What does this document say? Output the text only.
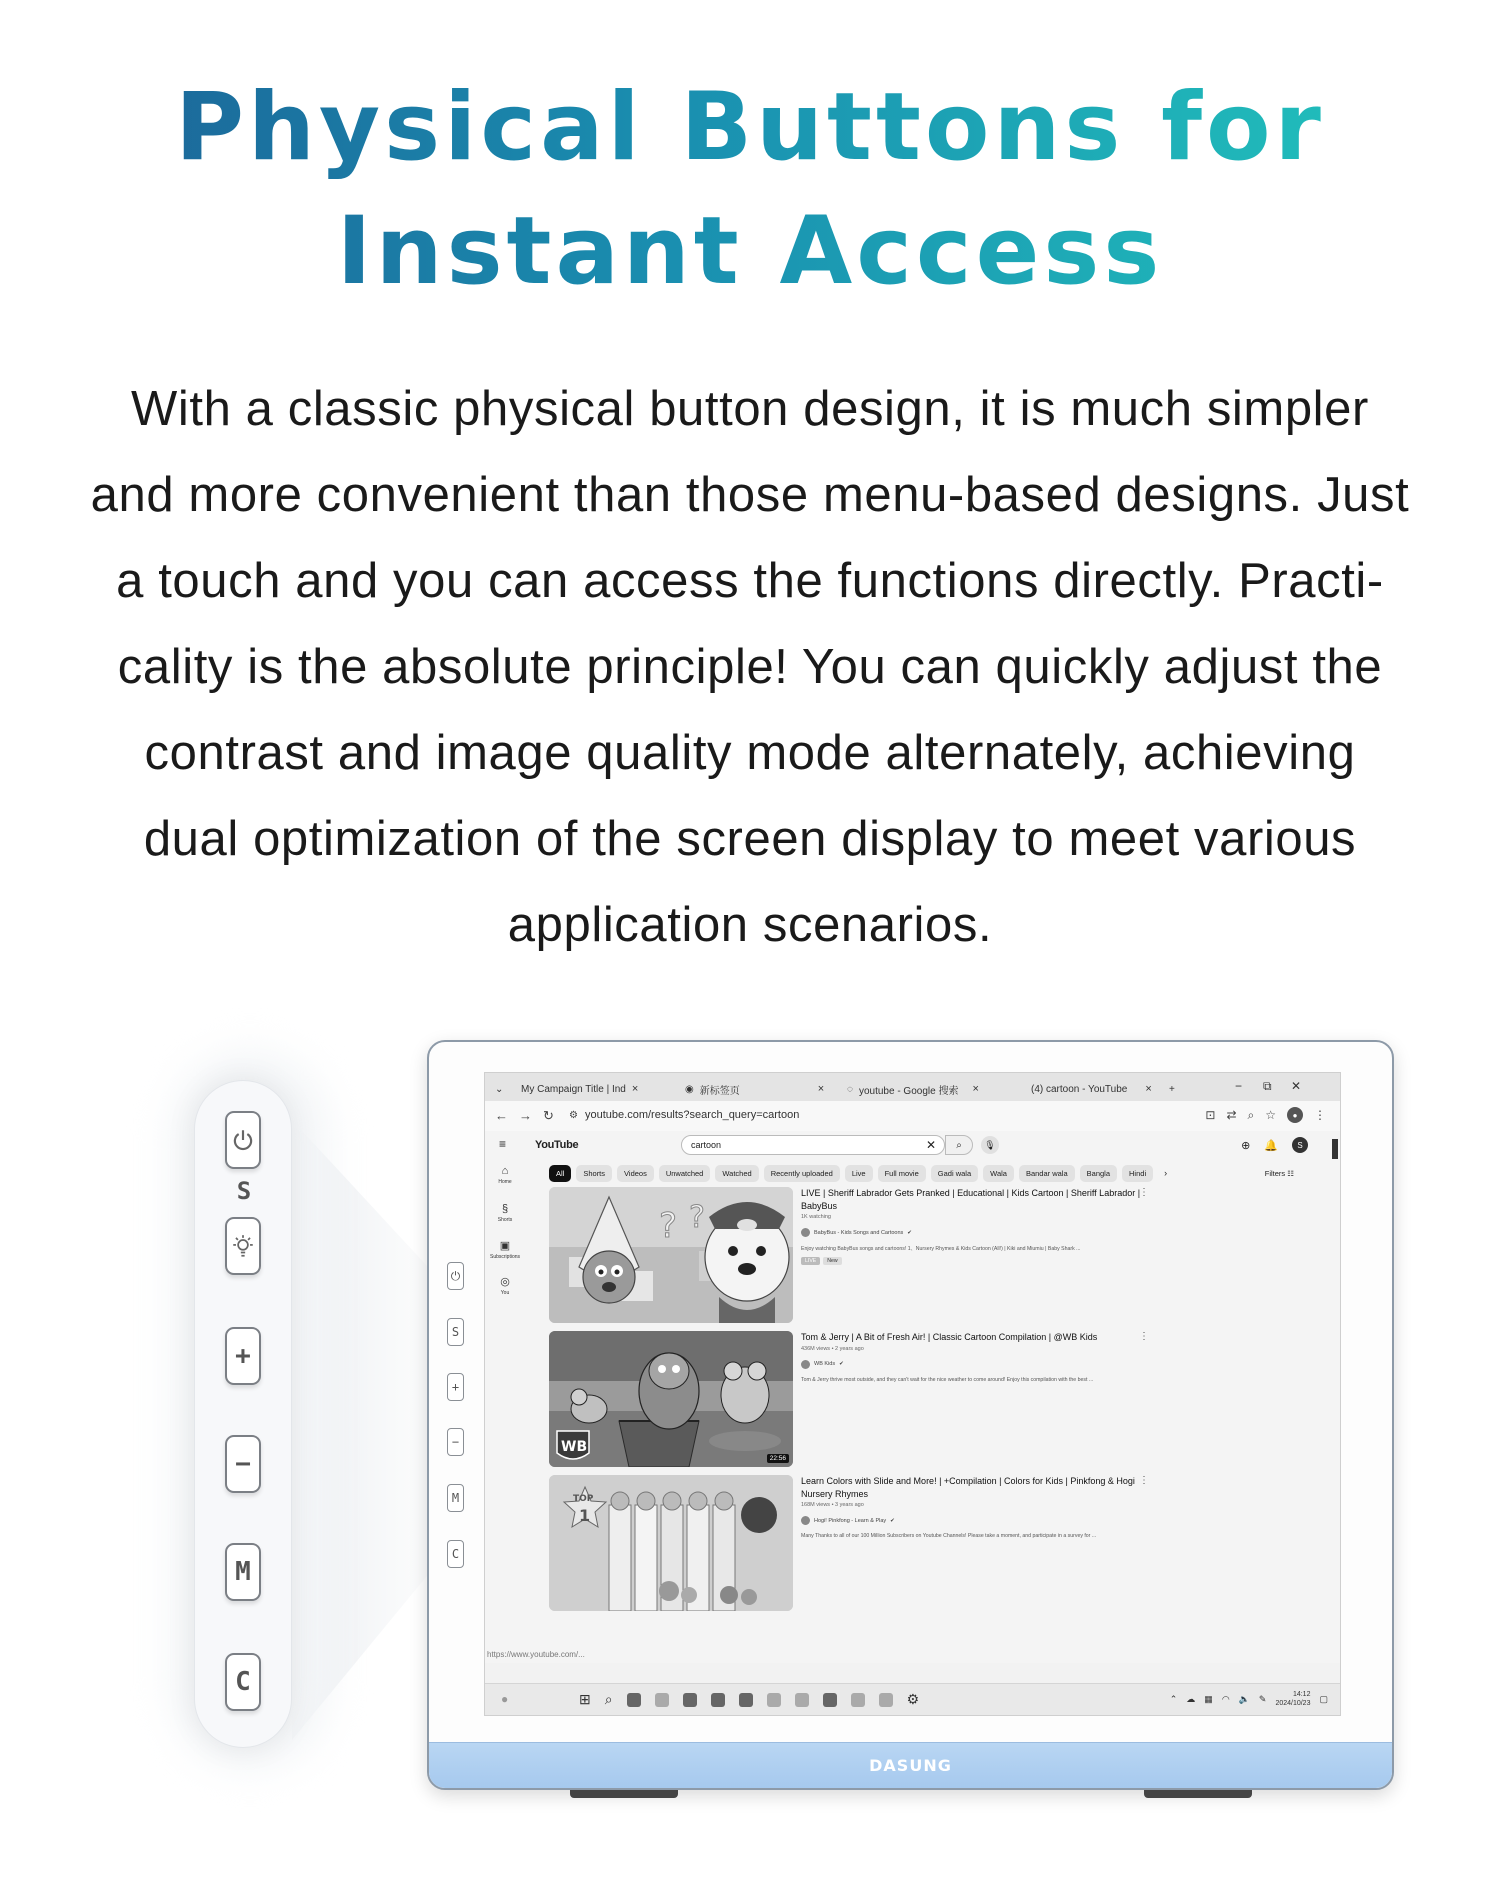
Physical Buttons for
Instant Access
With a classic physical button design, it is much simpler
and more convenient than those menu-based designs. Just
a touch and you can access the functions directly. Practi-
cality is the absolute principle! You can quickly adjust the
contrast and image quality mode alternately, achieving
dual optimization of the screen display to meet various
application scenarios.
S
+
−
M
C
⏻
S
+
−
M
C
⌄ My Campaign Title | Ind ×	◉ 新标签页	× ◌ youtube - Google 搜索 ×	(4) cartoon - YouTube × +	− ⧉ ✕
← → ↻ ⚙ youtube.com/results?search_query=cartoon	⊡ ⇄ ⌕ ☆	●	⋮
≡	YouTube	cartoon	✕ ⌕	🎙	⊕ 🔔	S
⌂
Home
§
Shorts
▣
Subscriptions
◎
You
All	Shorts	Videos	Unwatched	Watched	Recently uploaded	Live	Full movie	Gadi wala	Wala	Bandar wala	Bangla	Hindi	›	Filters ☷
? ?
LIVE | Sheriff Labrador Gets Pranked | Educational | Kids Cartoon | Sheriff Labrador | BabyBus
1K watching
BabyBus - Kids Songs and Cartoons ✔
Enjoy watching BabyBus songs and cartoons! 1、Nursery Rhymes & Kids Cartoon (All!) | Kiki and Miumiu | Baby Shark ...
LIVE	New
⋮
WB
22:56
Tom & Jerry | A Bit of Fresh Air! | Classic Cartoon Compilation | @WB Kids
436M views • 2 years ago
WB Kids ✔
Tom & Jerry thrive most outside, and they can't wait for the nice weather to come around! Enjoy this compilation with the best ...
⋮
TOP
1
Learn Colors with Slide and More! | +Compilation | Colors for Kids | Pinkfong & Hogi Nursery Rhymes
168M views • 3 years ago
Hogi! Pinkfong - Learn & Play ✔
Many Thanks to all of our 100 Million Subscribers on Youtube Channels! Please take a moment, and participate in a survey for ...
⋮
https://www.youtube.com/...
●	⊞ ⌕	⚙	⌃ ☁ ▦ ◠ 🔈 ✎	14:12
2024/10/23 ▢
DASUNG
